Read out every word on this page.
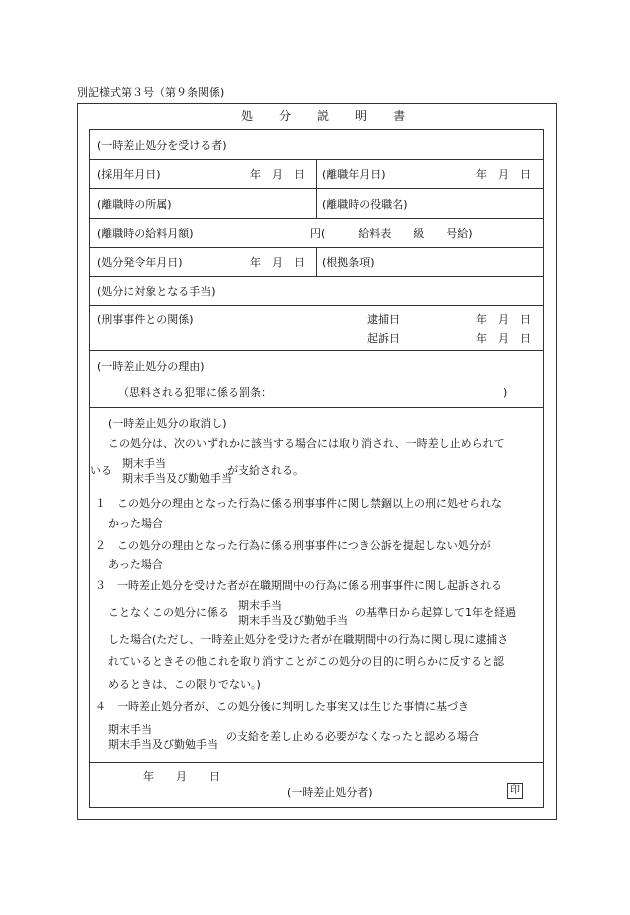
別記様式第３号（第９条関係)
処 分 説 明 書
(一時差止処分を受ける者)
(採用年月日)	年　月　日 (離職年月日)	年　月　日
(離職時の所属)	(離職時の役職名)
(離職時の給料月額)	円(　　　給料表　　級　　号給)
(処分発令年月日)	年　月　日 (根拠条項)
(処分に対象となる手当)
(刑事事件との関係)	逮捕日	年　月　日
起訴日	年　月　日
(一時差止処分の理由)
（思料される犯罪に係る罰条：	)
(一時差止処分の取消し)
この処分は、次のいずれかに該当する場合には取り消され、一時差し止められて
いる
期末手当
期末手当及び勤勉手当
が支給される。
１　この処分の理由となった行為に係る刑事事件に関し禁錮以上の刑に処せられな
かった場合
２　この処分の理由となった行為に係る刑事事件につき公訴を提起しない処分が
あった場合
３　一時差止処分を受けた者が在職期間中の行為に係る刑事事件に関し起訴される
ことなくこの処分に係る
期末手当
期末手当及び勤勉手当
の基準日から起算して1年を経過
した場合(ただし、一時差止処分を受けた者が在職期間中の行為に関し現に逮捕さ
れているときその他これを取り消すことがこの処分の目的に明らかに反すると認
めるときは、この限りでない。)
４　一時差止処分者が、この処分後に判明した事実又は生じた事情に基づき
期末手当
期末手当及び勤勉手当
の支給を差し止める必要がなくなったと認める場合
年　　月　　日
(一時差止処分者)	印
